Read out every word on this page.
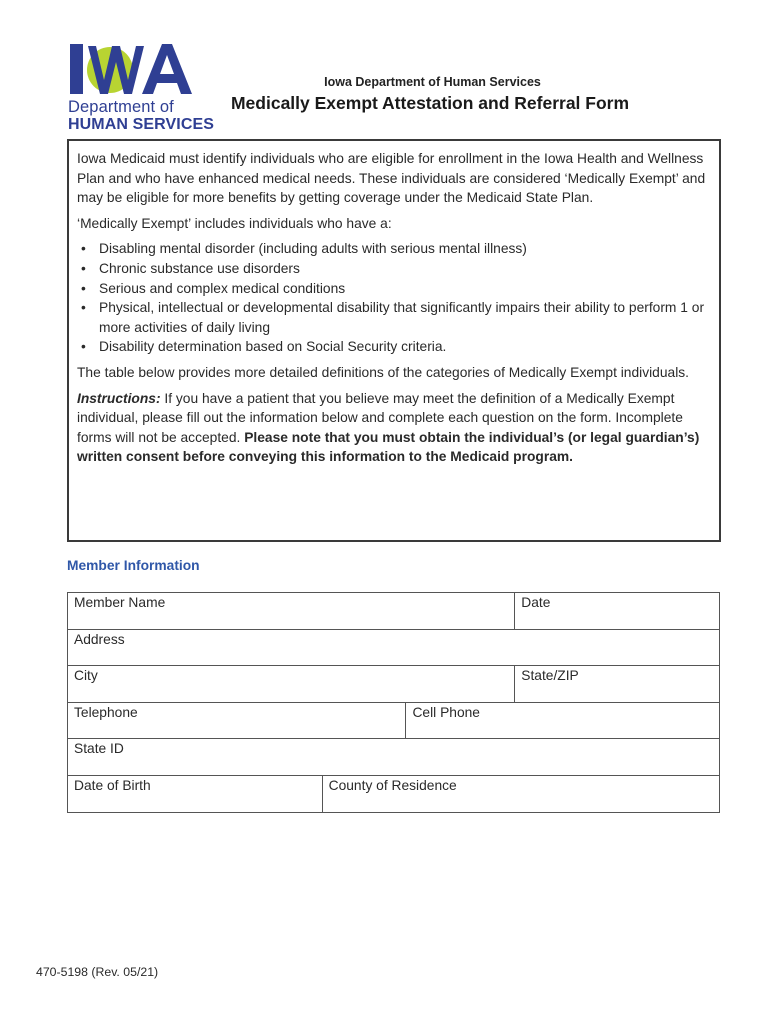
Department of
HUMAN SERVICES
Iowa Department of Human Services
Medically Exempt Attestation and Referral Form

Iowa Medicaid must identify individuals who are eligible for enrollment in the Iowa Health and Wellness Plan and who have enhanced medical needs. These individuals are considered ‘Medically Exempt’ and may be eligible for more benefits by getting coverage under the Medicaid State Plan.

‘Medically Exempt’ includes individuals who have a:

• Disabling mental disorder (including adults with serious mental illness)
• Chronic substance use disorders
• Serious and complex medical conditions
• Physical, intellectual or developmental disability that significantly impairs their ability to perform 1 or more activities of daily living
• Disability determination based on Social Security criteria.

The table below provides more detailed definitions of the categories of Medically Exempt individuals.

Instructions: If you have a patient that you believe may meet the definition of a Medically Exempt individual, please fill out the information below and complete each question on the form. Incomplete forms will not be accepted. Please note that you must obtain the individual’s (or legal guardian’s) written consent before conveying this information to the Medicaid program.

Member Information
Member Name			Date
Address			
City			State/ZIP
Telephone		Cell Phone	
State ID			
Date of Birth	County of Residence		
470-5198 (Rev. 05/21)
